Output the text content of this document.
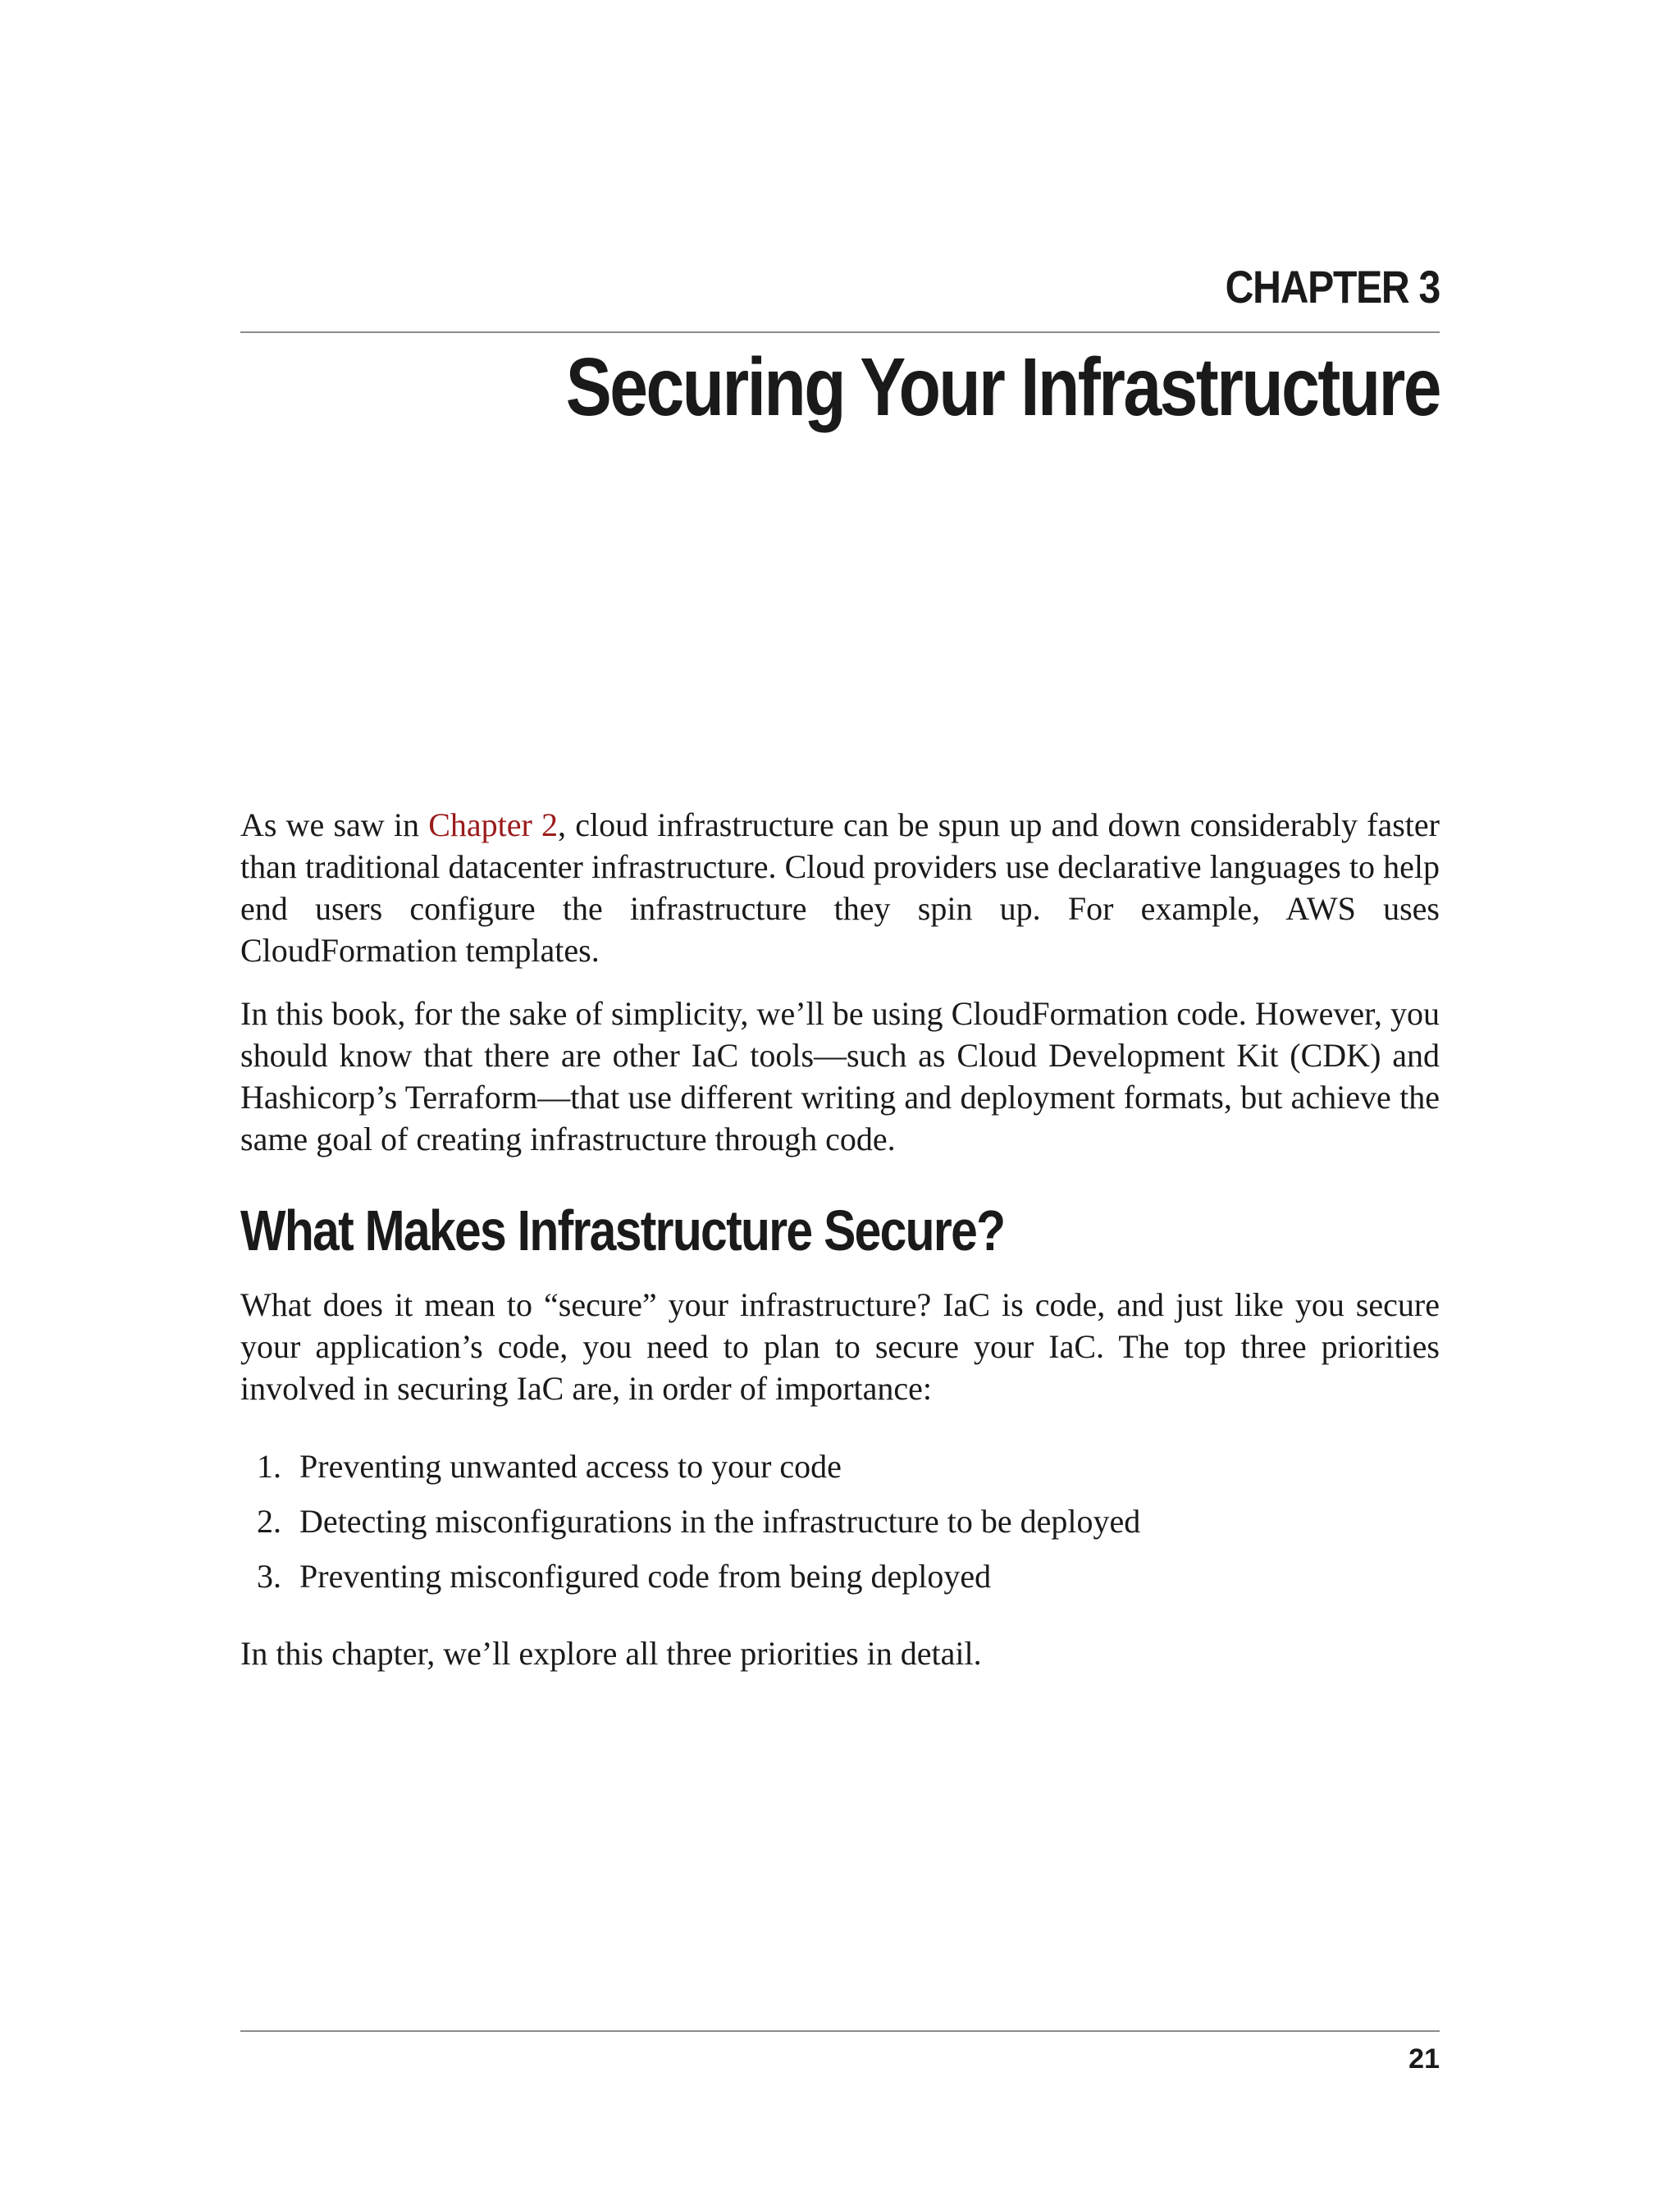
CHAPTER 3
Securing Your Infrastructure

As we saw in Chapter 2, cloud infrastructure can be spun up and down considerably faster than traditional datacenter infrastructure. Cloud providers use declarative languages to help end users configure the infrastructure they spin up. For example, AWS uses CloudFormation templates.

In this book, for the sake of simplicity, we’ll be using CloudFormation code. However, you should know that there are other IaC tools—such as Cloud Development Kit (CDK) and Hashicorp’s Terraform—that use different writing and deployment formats, but achieve the same goal of creating infrastructure through code.

What Makes Infrastructure Secure?

What does it mean to “secure” your infrastructure? IaC is code, and just like you secure your application’s code, you need to plan to secure your IaC. The top three priorities involved in securing IaC are, in order of importance:

1. Preventing unwanted access to your code
2. Detecting misconfigurations in the infrastructure to be deployed
3. Preventing misconfigured code from being deployed

In this chapter, we’ll explore all three priorities in detail.

21
